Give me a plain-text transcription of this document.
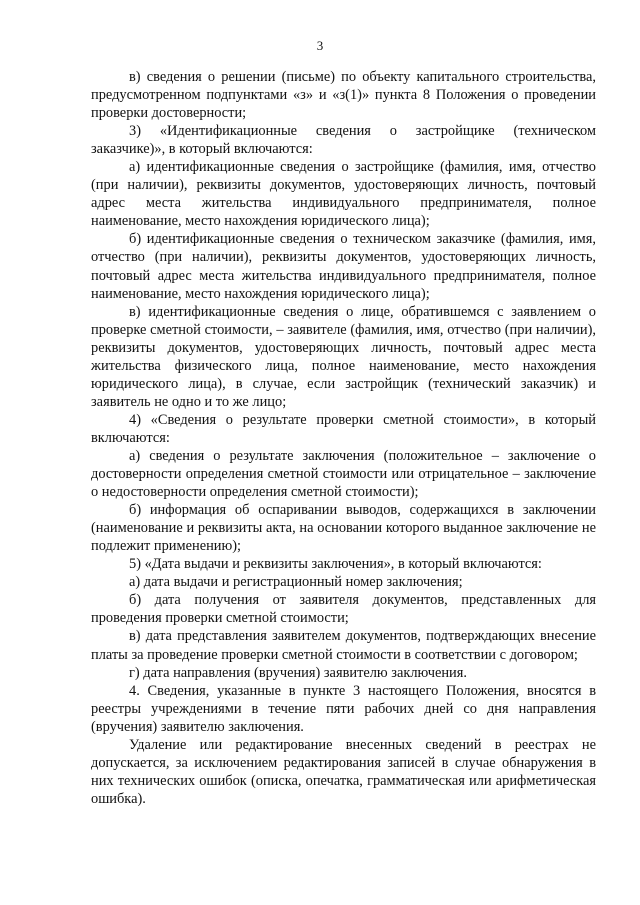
3

в) сведения о решении (письме) по объекту капитального строительства, предусмотренном подпунктами «з» и «з(1)» пункта 8 Положения о проведении проверки достоверности;

3) «Идентификационные сведения о застройщике (техническом заказчике)», в который включаются:

а) идентификационные сведения о застройщике (фамилия, имя, отчество (при наличии), реквизиты документов, удостоверяющих личность, почтовый адрес места жительства индивидуального предпринимателя, полное наименование, место нахождения юридического лица);

б) идентификационные сведения о техническом заказчике (фамилия, имя, отчество (при наличии), реквизиты документов, удостоверяющих личность, почтовый адрес места жительства индивидуального предпринимателя, полное наименование, место нахождения юридического лица);

в) идентификационные сведения о лице, обратившемся с заявлением о проверке сметной стоимости, – заявителе (фамилия, имя, отчество (при наличии), реквизиты документов, удостоверяющих личность, почтовый адрес места жительства физического лица, полное наименование, место нахождения юридического лица), в случае, если застройщик (технический заказчик) и заявитель не одно и то же лицо;

4) «Сведения о результате проверки сметной стоимости», в который включаются:

а) сведения о результате заключения (положительное – заключение о достоверности определения сметной стоимости или отрицательное – заключение о недостоверности определения сметной стоимости);

б) информация об оспаривании выводов, содержащихся в заключении (наименование и реквизиты акта, на основании которого выданное заключение не подлежит применению);

5) «Дата выдачи и реквизиты заключения», в который включаются:

а) дата выдачи и регистрационный номер заключения;

б) дата получения от заявителя документов, представленных для проведения проверки сметной стоимости;

в) дата представления заявителем документов, подтверждающих внесение платы за проведение проверки сметной стоимости в соответствии с договором;

г) дата направления (вручения) заявителю заключения.

4. Сведения, указанные в пункте 3 настоящего Положения, вносятся в реестры учреждениями в течение пяти рабочих дней со дня направления (вручения) заявителю заключения.

Удаление или редактирование внесенных сведений в реестрах не допускается, за исключением редактирования записей в случае обнаружения в них технических ошибок (описка, опечатка, грамматическая или арифметическая ошибка).
